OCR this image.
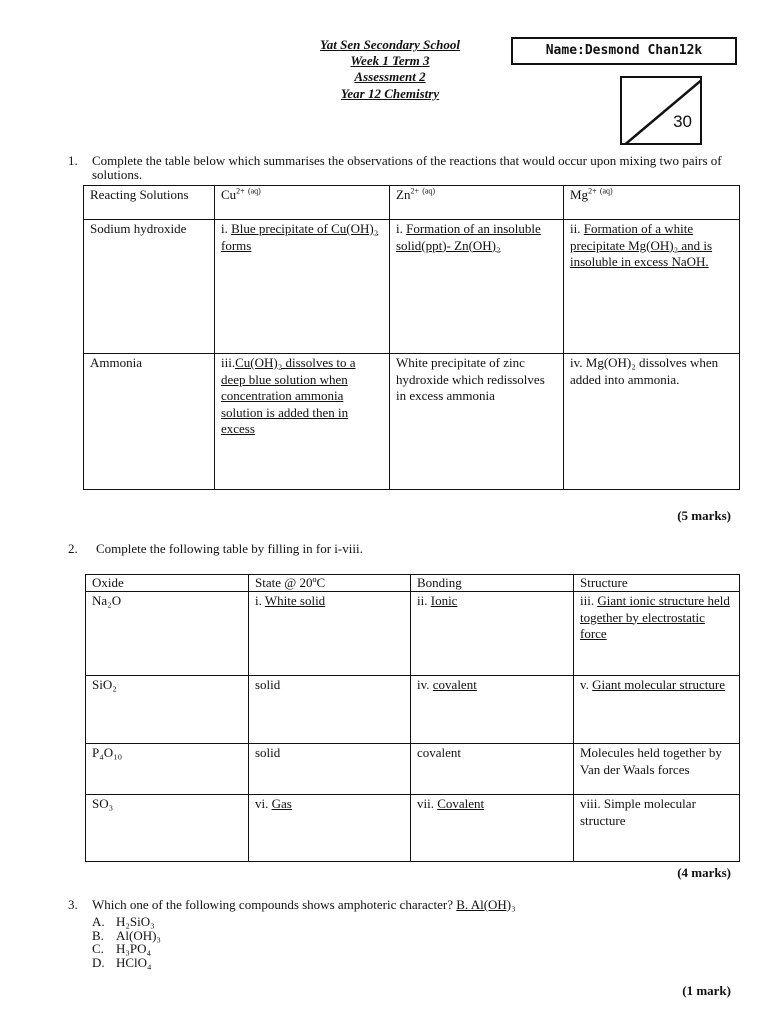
Yat Sen Secondary School
Week 1 Term 3
Assessment 2
Year 12 Chemistry
Name:Desmond Chan12k
30
1. Complete the table below which summarises the observations of the reactions that would occur upon mixing two pairs of solutions.
Reacting Solutions	$Cu^{2+}$ $^{(aq)}$	$Zn^{2+}$ $^{(aq)}$	$Mg^{2+}$ $^{(aq)}$
Sodium hydroxide	i. Blue precipitate of Cu(OH)₂ forms	i. Formation of an insoluble solid(ppt)- Zn(OH)₂	ii. Formation of a white precipitate Mg(OH)₂ and is insoluble in excess NaOH.
Ammonia	iii.Cu(OH)₂ dissolves to a deep blue solution when concentration ammonia solution is added then in excess	White precipitate of zinc hydroxide which redissolves in excess ammonia	iv. Mg(OH)₂ dissolves when added into ammonia.
(5 marks)
2. Complete the following table by filling in for i-viii.
Oxide	State @ 20ºC	Bonding	Structure
Na₂O	i. White solid	ii. Ionic	iii. Giant ionic structure held together by electrostatic force
SiO₂	solid	iv. covalent	v. Giant molecular structure
P₄O₁₀	solid	covalent	Molecules held together by Van der Waals forces
SO₃	vi. Gas	vii. Covalent	viii. Simple molecular structure
(4 marks)
3. Which one of the following compounds shows amphoteric character? B. Al(OH)₃
A. H₂SiO₃
B. Al(OH)₃
C. H₃PO₄
D. HClO₄
(1 mark)
